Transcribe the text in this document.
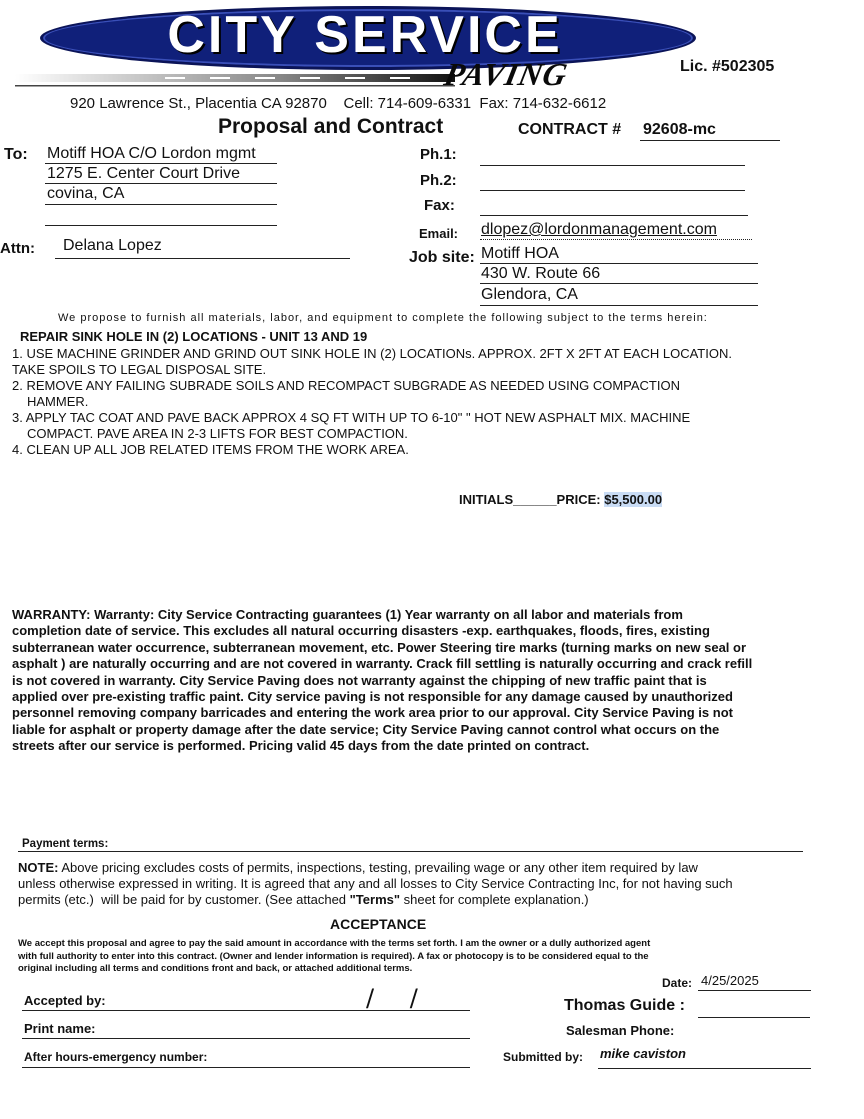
CITY SERVICE
PAVING	Lic. #502305
920 Lawrence St., Placentia CA 92870    Cell: 714-609-6331  Fax: 714-632-6612
Proposal and Contract	CONTRACT # 92608-mc
To: Motiff HOA C/O Lordon mgmt
1275 E. Center Court Drive
covina, CA
Attn: Delana Lopez
Ph.1:
Ph.2:
Fax:
Email: dlopez@lordonmanagement.com
Job site: Motiff HOA
430 W. Route 66
Glendora, CA
We propose to furnish all materials, labor, and equipment to complete the following subject to the terms herein:
REPAIR SINK HOLE IN (2) LOCATIONS - UNIT 13 AND 19
1. USE MACHINE GRINDER AND GRIND OUT SINK HOLE IN (2) LOCATIONs. APPROX. 2FT X 2FT AT EACH LOCATION.
TAKE SPOILS TO LEGAL DISPOSAL SITE.
2. REMOVE ANY FAILING SUBRADE SOILS AND RECOMPACT SUBGRADE AS NEEDED USING COMPACTION
HAMMER.
3. APPLY TAC COAT AND PAVE BACK APPROX 4 SQ FT WITH UP TO 6-10" " HOT NEW ASPHALT MIX. MACHINE
COMPACT. PAVE AREA IN 2-3 LIFTS FOR BEST COMPACTION.
4. CLEAN UP ALL JOB RELATED ITEMS FROM THE WORK AREA.
INITIALS______PRICE: $5,500.00
WARRANTY: Warranty: City Service Contracting guarantees (1) Year warranty on all labor and materials from
completion date of service. This excludes all natural occurring disasters -exp. earthquakes, floods, fires, existing
subterranean water occurrence, subterranean movement, etc. Power Steering tire marks (turning marks on new seal or
asphalt ) are naturally occurring and are not covered in warranty. Crack fill settling is naturally occurring and crack refill
is not covered in warranty. City Service Paving does not warranty against the chipping of new traffic paint that is
applied over pre-existing traffic paint. City service paving is not responsible for any damage caused by unauthorized
personnel removing company barricades and entering the work area prior to our approval. City Service Paving is not
liable for asphalt or property damage after the date service; City Service Paving cannot control what occurs on the
streets after our service is performed. Pricing valid 45 days from the date printed on contract.
Payment terms:
NOTE: Above pricing excludes costs of permits, inspections, testing, prevailing wage or any other item required by law
unless otherwise expressed in writing. It is agreed that any and all losses to City Service Contracting Inc, for not having such
permits (etc.)  will be paid for by customer. (See attached "Terms" sheet for complete explanation.)
ACCEPTANCE
We accept this proposal and agree to pay the said amount in accordance with the terms set forth. I am the owner or a dully authorized agent
with full authority to enter into this contract. (Owner and lender information is required). A fax or photocopy is to be considered equal to the
original including all terms and conditions front and back, or attached additional terms.
Date: 4/25/2025
Accepted by:	/ /	Thomas Guide :
Print name:	Salesman Phone:
After hours-emergency number:	Submitted by: mike caviston
